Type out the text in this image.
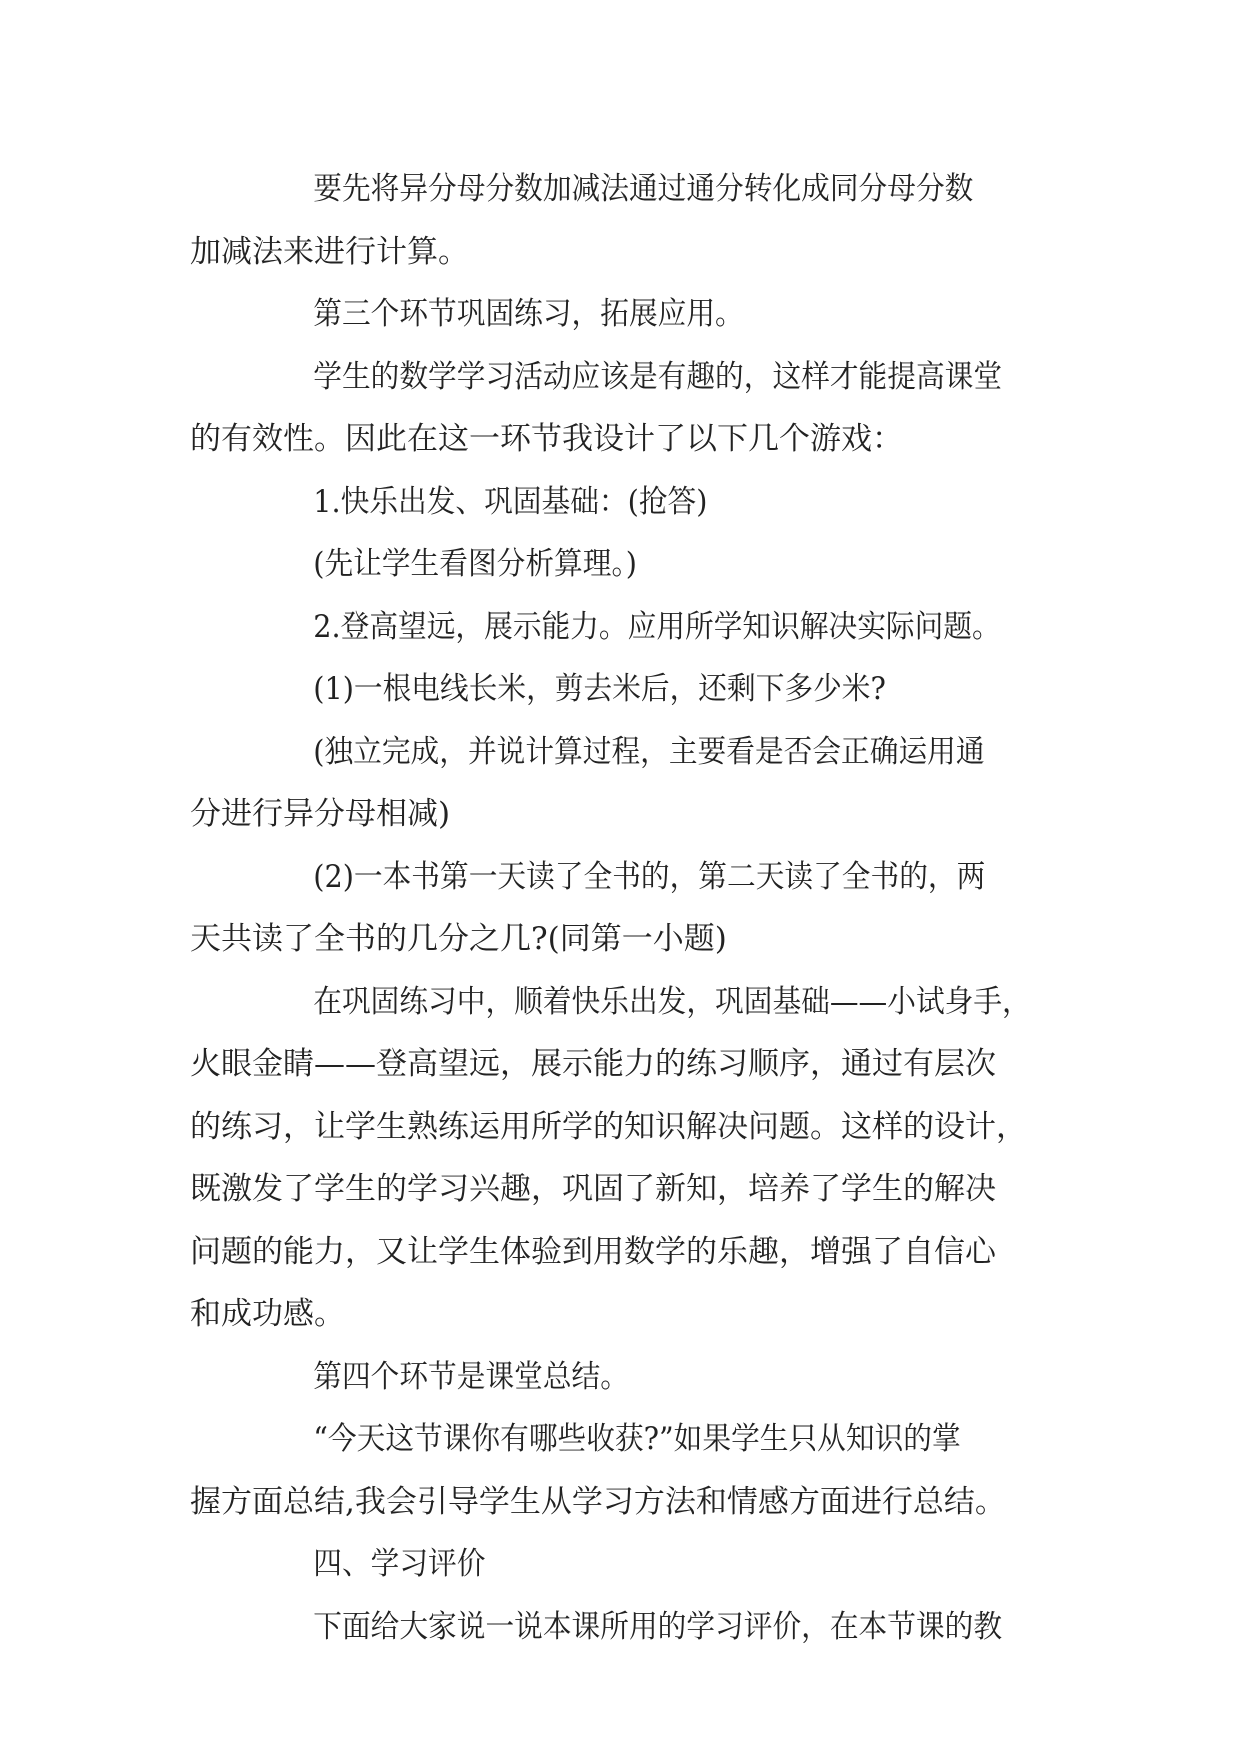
要先将异分母分数加减法通过通分转化成同分母分数
加减法来进行计算。
第三个环节巩固练习，拓展应用。
学生的数学学习活动应该是有趣的，这样才能提高课堂
的有效性。因此在这一环节我设计了以下几个游戏：
1.快乐出发、巩固基础：(抢答)
(先让学生看图分析算理。)
2.登高望远，展示能力。应用所学知识解决实际问题。
(1)一根电线长米，剪去米后，还剩下多少米?
(独立完成，并说计算过程，主要看是否会正确运用通
分进行异分母相减)
(2)一本书第一天读了全书的，第二天读了全书的，两
天共读了全书的几分之几?(同第一小题)
在巩固练习中，顺着快乐出发，巩固基础——小试身手，
火眼金睛——登高望远，展示能力的练习顺序，通过有层次
的练习，让学生熟练运用所学的知识解决问题。这样的设计，
既激发了学生的学习兴趣，巩固了新知，培养了学生的解决
问题的能力，又让学生体验到用数学的乐趣，增强了自信心
和成功感。
第四个环节是课堂总结。
“今天这节课你有哪些收获?”如果学生只从知识的掌
握方面总结,我会引导学生从学习方法和情感方面进行总结。
四、学习评价
下面给大家说一说本课所用的学习评价，在本节课的教
